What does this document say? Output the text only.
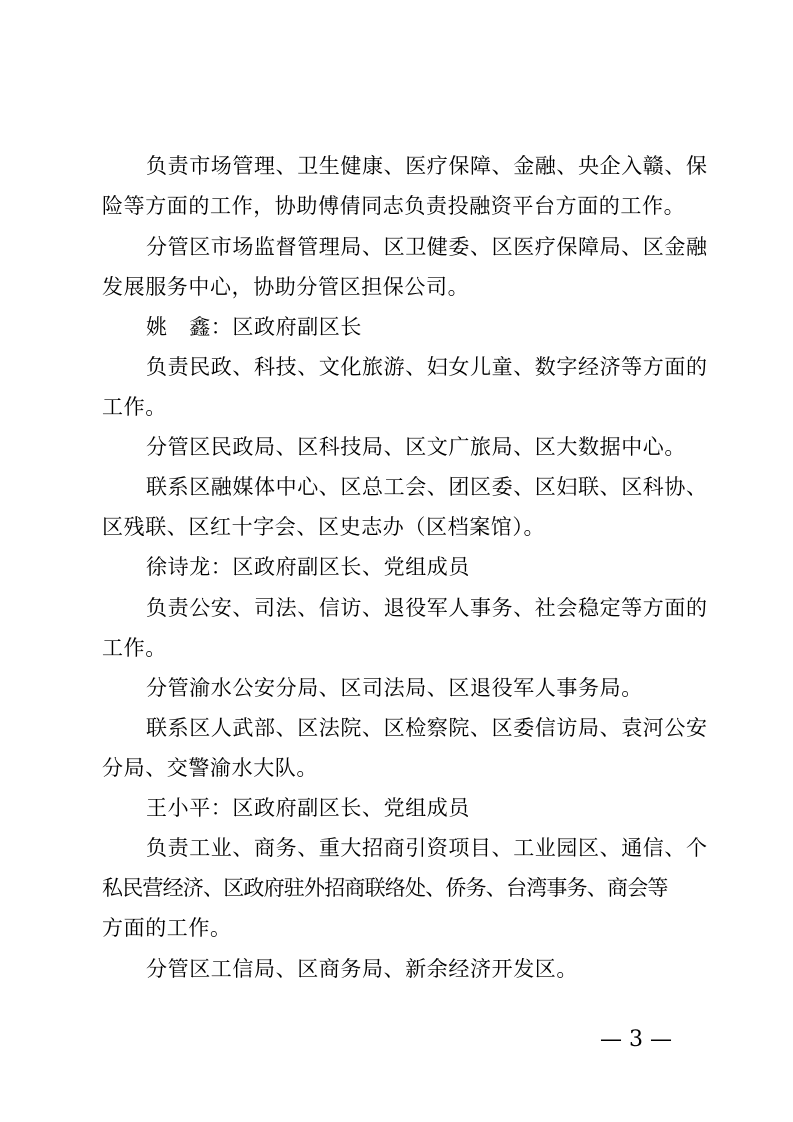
负责市场管理、卫生健康、医疗保障、金融、央企入赣、保
险等方面的工作，协助傅倩同志负责投融资平台方面的工作。
分管区市场监督管理局、区卫健委、区医疗保障局、区金融
发展服务中心，协助分管区担保公司。
姚　鑫：区政府副区长
负责民政、科技、文化旅游、妇女儿童、数字经济等方面的
工作。
分管区民政局、区科技局、区文广旅局、区大数据中心。
联系区融媒体中心、区总工会、团区委、区妇联、区科协、
区残联、区红十字会、区史志办（区档案馆）。
徐诗龙：区政府副区长、党组成员
负责公安、司法、信访、退役军人事务、社会稳定等方面的
工作。
分管渝水公安分局、区司法局、区退役军人事务局。
联系区人武部、区法院、区检察院、区委信访局、袁河公安
分局、交警渝水大队。
王小平：区政府副区长、党组成员
负责工业、商务、重大招商引资项目、工业园区、通信、个
私民营经济、区政府驻外招商联络处、侨务、台湾事务、商会等
方面的工作。
分管区工信局、区商务局、新余经济开发区。
— 3 —
